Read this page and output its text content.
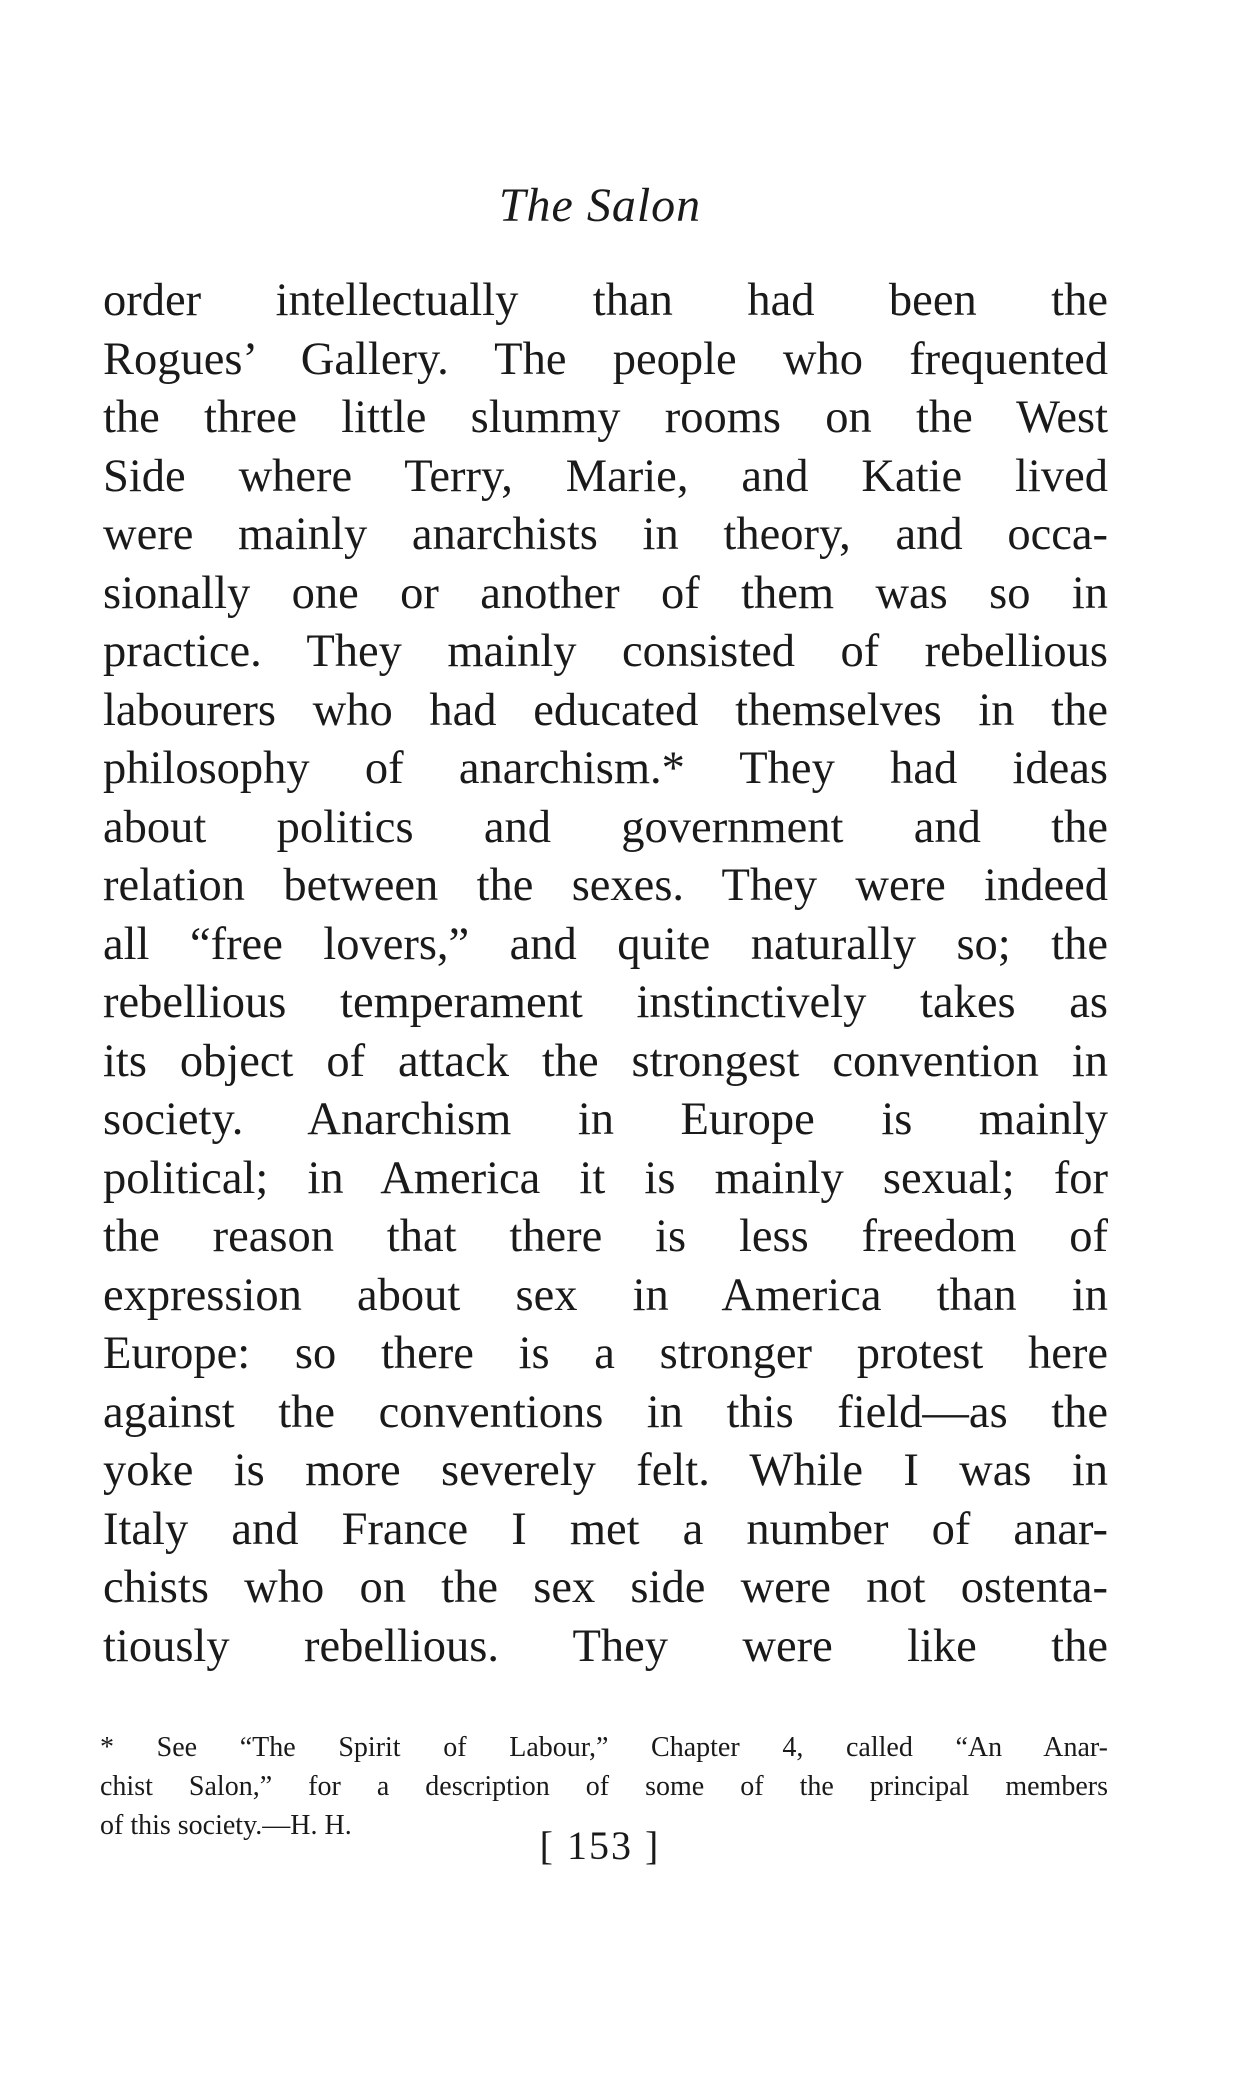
The Salon
order intellectually than had been the
Rogues’ Gallery. The people who frequented
the three little slummy rooms on the West
Side where Terry, Marie, and Katie lived
were mainly anarchists in theory, and occa-
sionally one or another of them was so in
practice. They mainly consisted of rebellious
labourers who had educated themselves in the
philosophy of anarchism.* They had ideas
about politics and government and the
relation between the sexes. They were indeed
all “free lovers,” and quite naturally so; the
rebellious temperament instinctively takes as
its object of attack the strongest convention in
society. Anarchism in Europe is mainly
political; in America it is mainly sexual; for
the reason that there is less freedom of
expression about sex in America than in
Europe: so there is a stronger protest here
against the conventions in this field—as the
yoke is more severely felt. While I was in
Italy and France I met a number of anar-
chists who on the sex side were not ostenta-
tiously rebellious. They were like the
* See “The Spirit of Labour,” Chapter 4, called “An Anar-
chist Salon,” for a description of some of the principal members
of this society.—H. H.	[ 153 ]
